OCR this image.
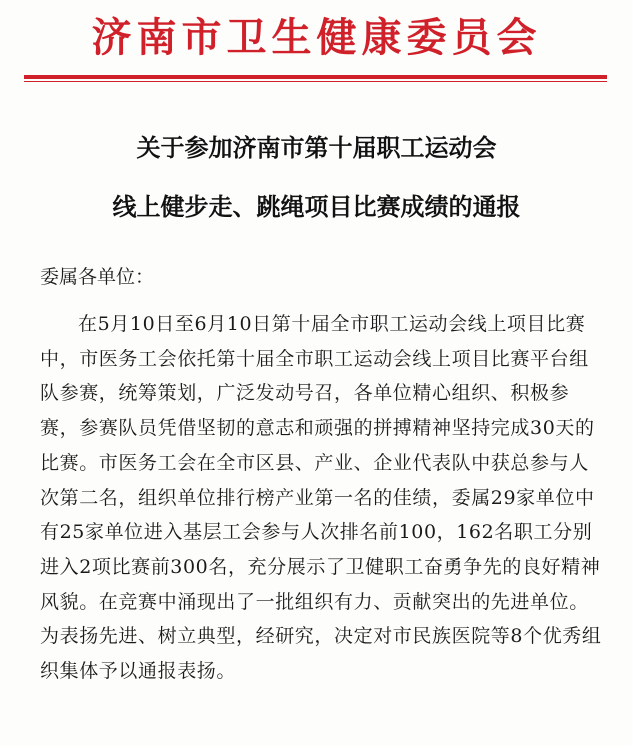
济南市卫生健康委员会
关于参加济南市第十届职工运动会
线上健步走、跳绳项目比赛成绩的通报
委属各单位：

在5月10日至6月10日第十届全市职工运动会线上项目比赛中，市医务工会依托第十届全市职工运动会线上项目比赛平台组队参赛，统筹策划，广泛发动号召，各单位精心组织、积极参赛，参赛队员凭借坚韧的意志和顽强的拼搏精神坚持完成30天的比赛。市医务工会在全市区县、产业、企业代表队中获总参与人次第二名，组织单位排行榜产业第一名的佳绩，委属29家单位中有25家单位进入基层工会参与人次排名前100，162名职工分别进入2项比赛前300名，充分展示了卫健职工奋勇争先的良好精神风貌。在竞赛中涌现出了一批组织有力、贡献突出的先进单位。为表扬先进、树立典型，经研究，决定对市民族医院等8个优秀组织集体予以通报表扬。
